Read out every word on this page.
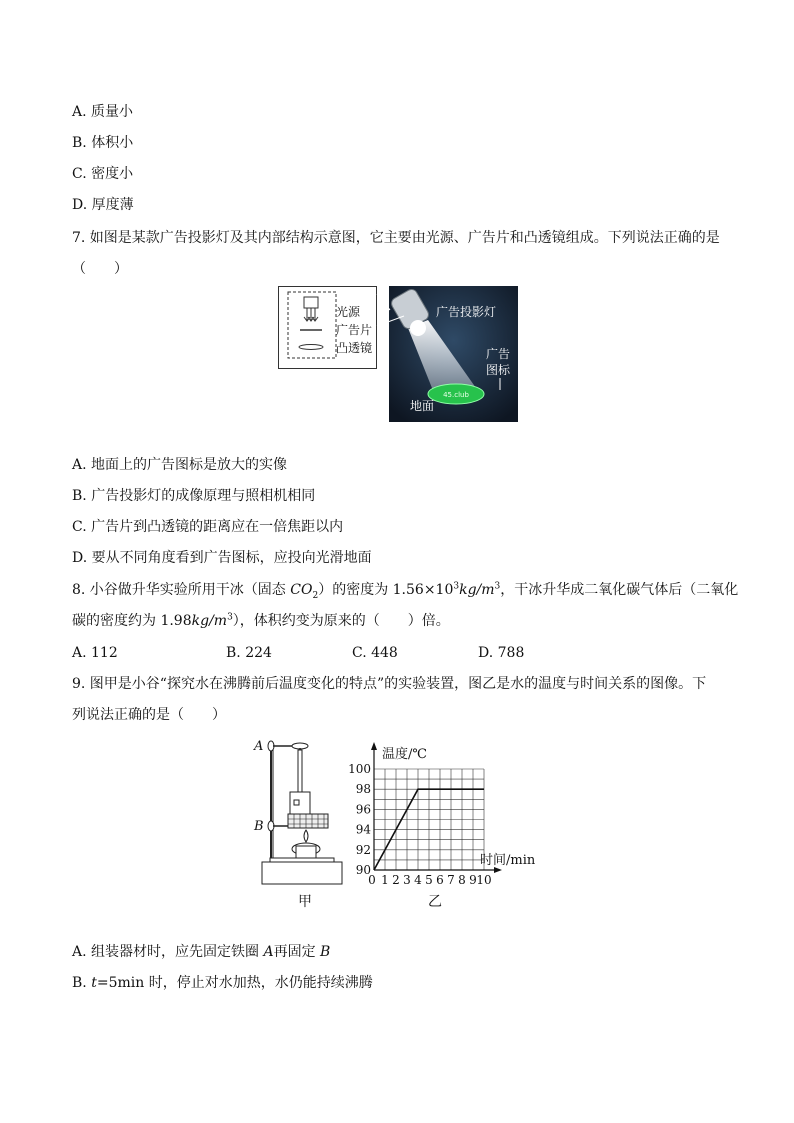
A. 质量小
B. 体积小
C. 密度小
D. 厚度薄
7. 如图是某款广告投影灯及其内部结构示意图，它主要由光源、广告片和凸透镜组成。下列说法正确的是
（　　）
光源
广告片
凸透镜
45.club
广告投影灯
广告
图标
地面
A. 地面上的广告图标是放大的实像
B. 广告投影灯的成像原理与照相机相同
C. 广告片到凸透镜的距离应在一倍焦距以内
D. 要从不同角度看到广告图标，应投向光滑地面
8. 小谷做升华实验所用干冰（固态 $CO_2$）的密度为 $1.56\times 10^3kg/m^3$，干冰升华成二氧化碳气体后（二氧化
碳的密度约为 $1.98kg/m^3$），体积约变为原来的（　　）倍。
A. 112	B. 224	C. 448	D. 788
9. 图甲是小谷“探究水在沸腾前后温度变化的特点”的实验装置，图乙是水的温度与时间关系的图像。下
列说法正确的是（　　）
A
B
甲
90
92
94
96
98
100
0 1 2 3 4 5 6 7 8 9 10
温度/℃
时间/min
乙
A. 组装器材时，应先固定铁圈 A再固定 B
B. t=5min 时，停止对水加热，水仍能持续沸腾
